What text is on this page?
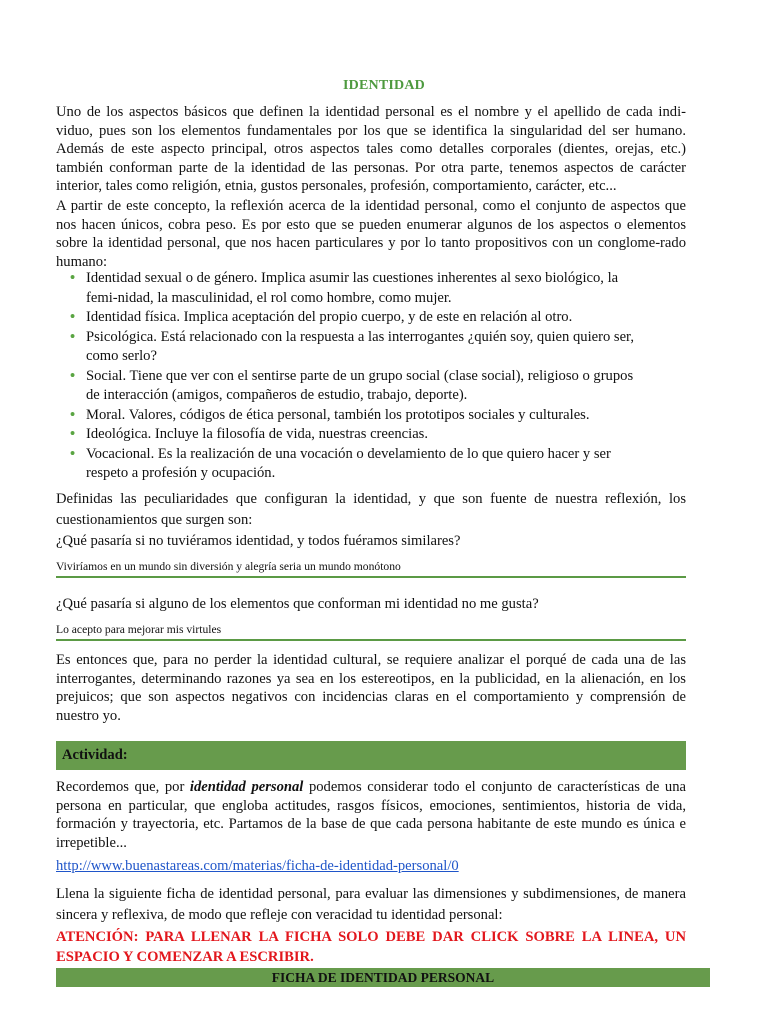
IDENTIDAD
Uno de los aspectos básicos que definen la identidad personal es el nombre y el apellido de cada indi- viduo, pues son los elementos fundamentales por los que se identifica la singularidad del ser humano. Además de este aspecto principal, otros aspectos tales como detalles corporales (dientes, orejas, etc.) también conforman parte de la identidad de las personas. Por otra parte, tenemos aspectos de carácter interior, tales como religión, etnia, gustos personales, profesión, comportamiento, carácter, etc...
A partir de este concepto, la reflexión acerca de la identidad personal, como el conjunto de aspectos que nos hacen únicos, cobra peso. Es por esto que se pueden enumerar algunos de los aspectos o elementos sobre la identidad personal, que nos hacen particulares y por lo tanto propositivos con un conglome-rado humano:
• Identidad sexual o de género. Implica asumir las cuestiones inherentes al sexo biológico, la
femi-nidad, la masculinidad, el rol como hombre, como mujer.
• Identidad física. Implica aceptación del propio cuerpo, y de este en relación al otro.
• Psicológica. Está relacionado con la respuesta a las interrogantes ¿quién soy, quien quiero ser,
como serlo?
• Social. Tiene que ver con el sentirse parte de un grupo social (clase social), religioso o grupos
de interacción (amigos, compañeros de estudio, trabajo, deporte).
• Moral. Valores, códigos de ética personal, también los prototipos sociales y culturales.
• Ideológica. Incluye la filosofía de vida, nuestras creencias.
• Vocacional. Es la realización de una vocación o develamiento de lo que quiero hacer y ser
respeto a profesión y ocupación.
Definidas las peculiaridades que configuran la identidad, y que son fuente de nuestra reflexión, los cuestionamientos que surgen son:
¿Qué pasaría si no tuviéramos identidad, y todos fuéramos similares?
Viviríamos en un mundo sin diversión y alegría seria un mundo monótono
¿Qué pasaría si alguno de los elementos que conforman mi identidad no me gusta?
Lo acepto para mejorar mis virtules
Es entonces que, para no perder la identidad cultural, se requiere analizar el porqué de cada una de las interrogantes, determinando razones ya sea en los estereotipos, en la publicidad, en la alienación, en los prejuicos; que son aspectos negativos con incidencias claras en el comportamiento y comprensión de nuestro yo.
Actividad:
Recordemos que, por identidad personal podemos considerar todo el conjunto de características de una persona en particular, que engloba actitudes, rasgos físicos, emociones, sentimientos, historia de vida, formación y trayectoria, etc. Partamos de la base de que cada persona habitante de este mundo es única e irrepetible...
http://www.buenastareas.com/materias/ficha-de-identidad-personal/0
Llena la siguiente ficha de identidad personal, para evaluar las dimensiones y subdimensiones, de manera sincera y reflexiva, de modo que refleje con veracidad tu identidad personal:
ATENCIÓN: PARA LLENAR LA FICHA SOLO DEBE DAR CLICK SOBRE LA LINEA, UN ESPACIO Y COMENZAR A ESCRIBIR.
FICHA DE IDENTIDAD PERSONAL
